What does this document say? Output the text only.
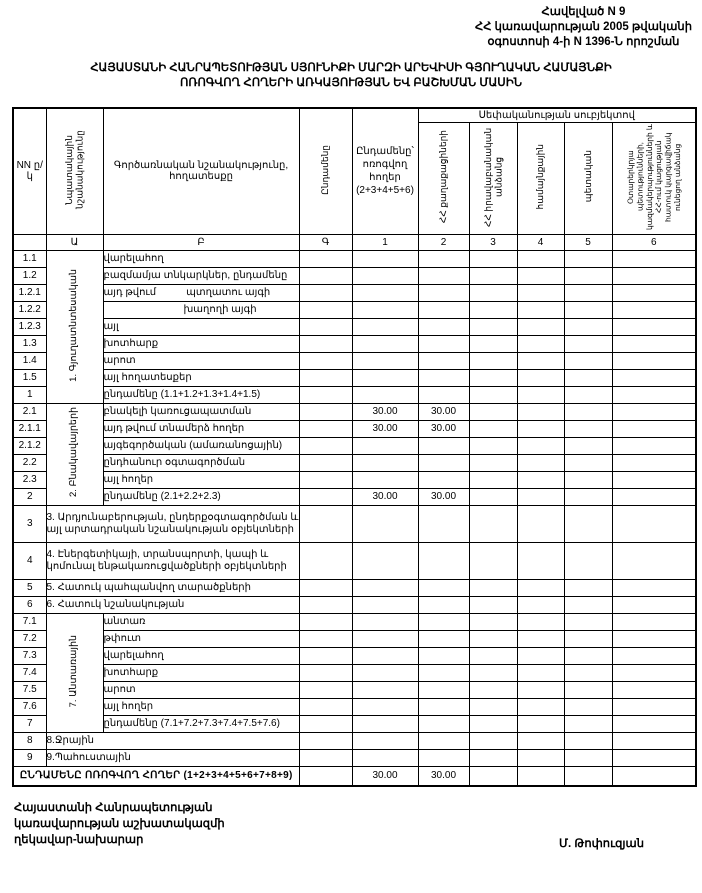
Հավելված N 9
ՀՀ կառավարության 2005 թվականի
օգոստոսի 4-ի N 1396-Ն որոշման
ՀԱՅԱՍՏԱՆԻ ՀԱՆՐԱՊԵՏՈՒԹՅԱՆ ՍՅՈՒՆԻՔԻ ՄԱՐԶԻ ԱՐԵՎԻՍԻ ԳՅՈՒՂԱԿԱՆ ՀԱՄԱՅՆՔԻ
ՈՌՈԳՎՈՂ ՀՈՂԵՐԻ ԱՌԿԱՅՈՒԹՅԱՆ ԵՎ ԲԱՇԽՄԱՆ ՄԱՍԻՆ
NN ը/կ	Նպատակային նշանակությունը	Գործառնական նշանակությունը, հողատեսքը	Ընդամենը	Ընդամենը՝ ոռոգվող հողեր (2+3+4+5+6)	Սեփականության սուբյեկտով				
					ՀՀ քաղաքացիների	ՀՀ իրավաբանական անձանց	համայնքային	պետական	Օտարերկրյա պետությունների, կազմակերպությունների և ՀՀ-ում կացության հատուկ կարգավիճակ ունեցող անձանց
	Ա	Բ	Գ	1	2	3	4	5	6
1.1	1. Գյուղատնտեսական	վարելահող							
1.2		բազմամյա տնկարկներ, ընդամենը							
1.2.1		այդ թվում պտղատու այգի							
1.2.2		խաղողի այգի							
1.2.3		այլ							
1.3		խոտհարք							
1.4		արոտ							
1.5		այլ հողատեսքեր							
1		ընդամենը (1.1+1.2+1.3+1.4+1.5)							
2.1	2. Բնակավայրերի	բնակելի կառուցապատման		30.00	30.00				
2.1.1		այդ թվում տնամերձ հողեր		30.00	30.00				
2.1.2		այգեգործական (ամառանոցային)							
2.2		ընդհանուր օգտագործման							
2.3		այլ հողեր							
2		ընդամենը (2.1+2.2+2.3)		30.00	30.00				
3	3. Արդյունաբերության, ընդերքօգտագործման և այլ արտադրական նշանակության օբյեկտների								
4	4. Էներգետիկայի, տրանսպորտի, կապի և կոմունալ ենթակառուցվածքների օբյեկտների								
5	5. Հատուկ պահպանվող տարածքների								
6	6. Հատուկ նշանակության								
7.1	7. Անտառային	անտառ							
7.2		թփուտ							
7.3		վարելահող							
7.4		խոտհարք							
7.5		արոտ							
7.6		այլ հողեր							
7		ընդամենը (7.1+7.2+7.3+7.4+7.5+7.6)							
8	8.Ջրային								
9	9.Պահուստային								
ԸՆԴԱՄԵՆԸ ՈՌՈԳՎՈՂ ՀՈՂԵՐ (1+2+3+4+5+6+7+8+9)				30.00	30.00				
Հայաստանի Հանրապետության
կառավարության աշխատակազմի
ղեկավար-նախարար	Մ. Թոփուզյան
